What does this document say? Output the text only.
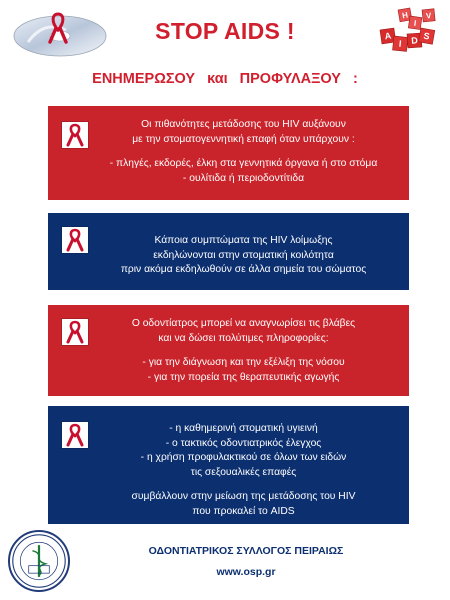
STOP AIDS !	A
I D S
H
I
V
ΕΝΗΜΕΡΩΣΟΥ και ΠΡΟΦΥΛΑΞΟΥ :
Οι πιθανότητες μετάδοσης του HIV αυξάνουν
με την στοματογεννητική επαφή όταν υπάρχουν :
- πληγές, εκδορές, έλκη στα γεννητικά όργανα ή στο στόμα
- ουλίτιδα ή περιοδοντίτιδα
Κάποια συμπτώματα της HIV λοίμωξης
εκδηλώνονται στην στοματική κοιλότητα
πριν ακόμα εκδηλωθούν σε άλλα σημεία του σώματος
Ο οδοντίατρος μπορεί να αναγνωρίσει τις βλάβες
και να δώσει πολύτιμες πληροφορίες:
- για την διάγνωση και την εξέλιξη της νόσου
- για την πορεία της θεραπευτικής αγωγής
- η καθημερινή στοματική υγιεινή
- ο τακτικός οδοντιατρικός έλεγχος
- η χρήση προφυλακτικού σε όλων των ειδών
τις σεξουαλικές επαφές
συμβάλλουν στην μείωση της μετάδοσης του HIV
που προκαλεί το AIDS
ΟΔΟΝΤΙΑΤΡΙΚΟΣ ΣΥΛΛΟΓΟΣ ΠΕΙΡΑΙΩΣ
www.osp.gr
